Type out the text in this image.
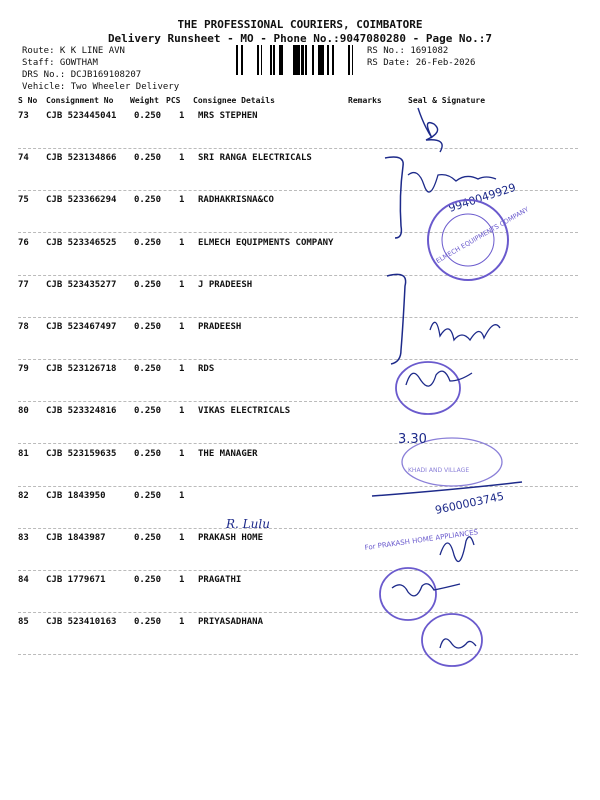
THE PROFESSIONAL COURIERS, COIMBATORE
Delivery Runsheet - MO - Phone No.:9047080280 - Page No.:7
Route: K K LINE AVN
Staff: GOWTHAM
DRS No.: DCJB169108207
Vehicle: Two Wheeler Delivery
RS No.: 1691082
RS Date: 26-Feb-2026
S No Consignment No Weight PCS Consignee Details	Remarks	Seal & Signature
73 CJB 523445041 0.250 1 MRS STEPHEN
74 CJB 523134866 0.250 1 SRI RANGA ELECTRICALS
75 CJB 523366294 0.250 1 RADHAKRISNA&CO
76 CJB 523346525 0.250 1 ELMECH EQUIPMENTS COMPANY
77 CJB 523435277 0.250 1 J PRADEESH
78 CJB 523467497 0.250 1 PRADEESH
79 CJB 523126718 0.250 1 RDS
80 CJB 523324816 0.250 1 VIKAS ELECTRICALS
81 CJB 523159635 0.250 1 THE MANAGER
82 CJB 1843950	0.250 1
83 CJB 1843987	0.250 1 PRAKASH HOME
84 CJB 1779671	0.250 1 PRAGATHI
85 CJB 523410163 0.250 1 PRIYASADHANA
9940049929
ELMECH EQUIPMENTS COMPANY
3.30
KHADI AND VILLAGE
9600003745
R. Lulu
For PRAKASH HOME APPLIANCES
